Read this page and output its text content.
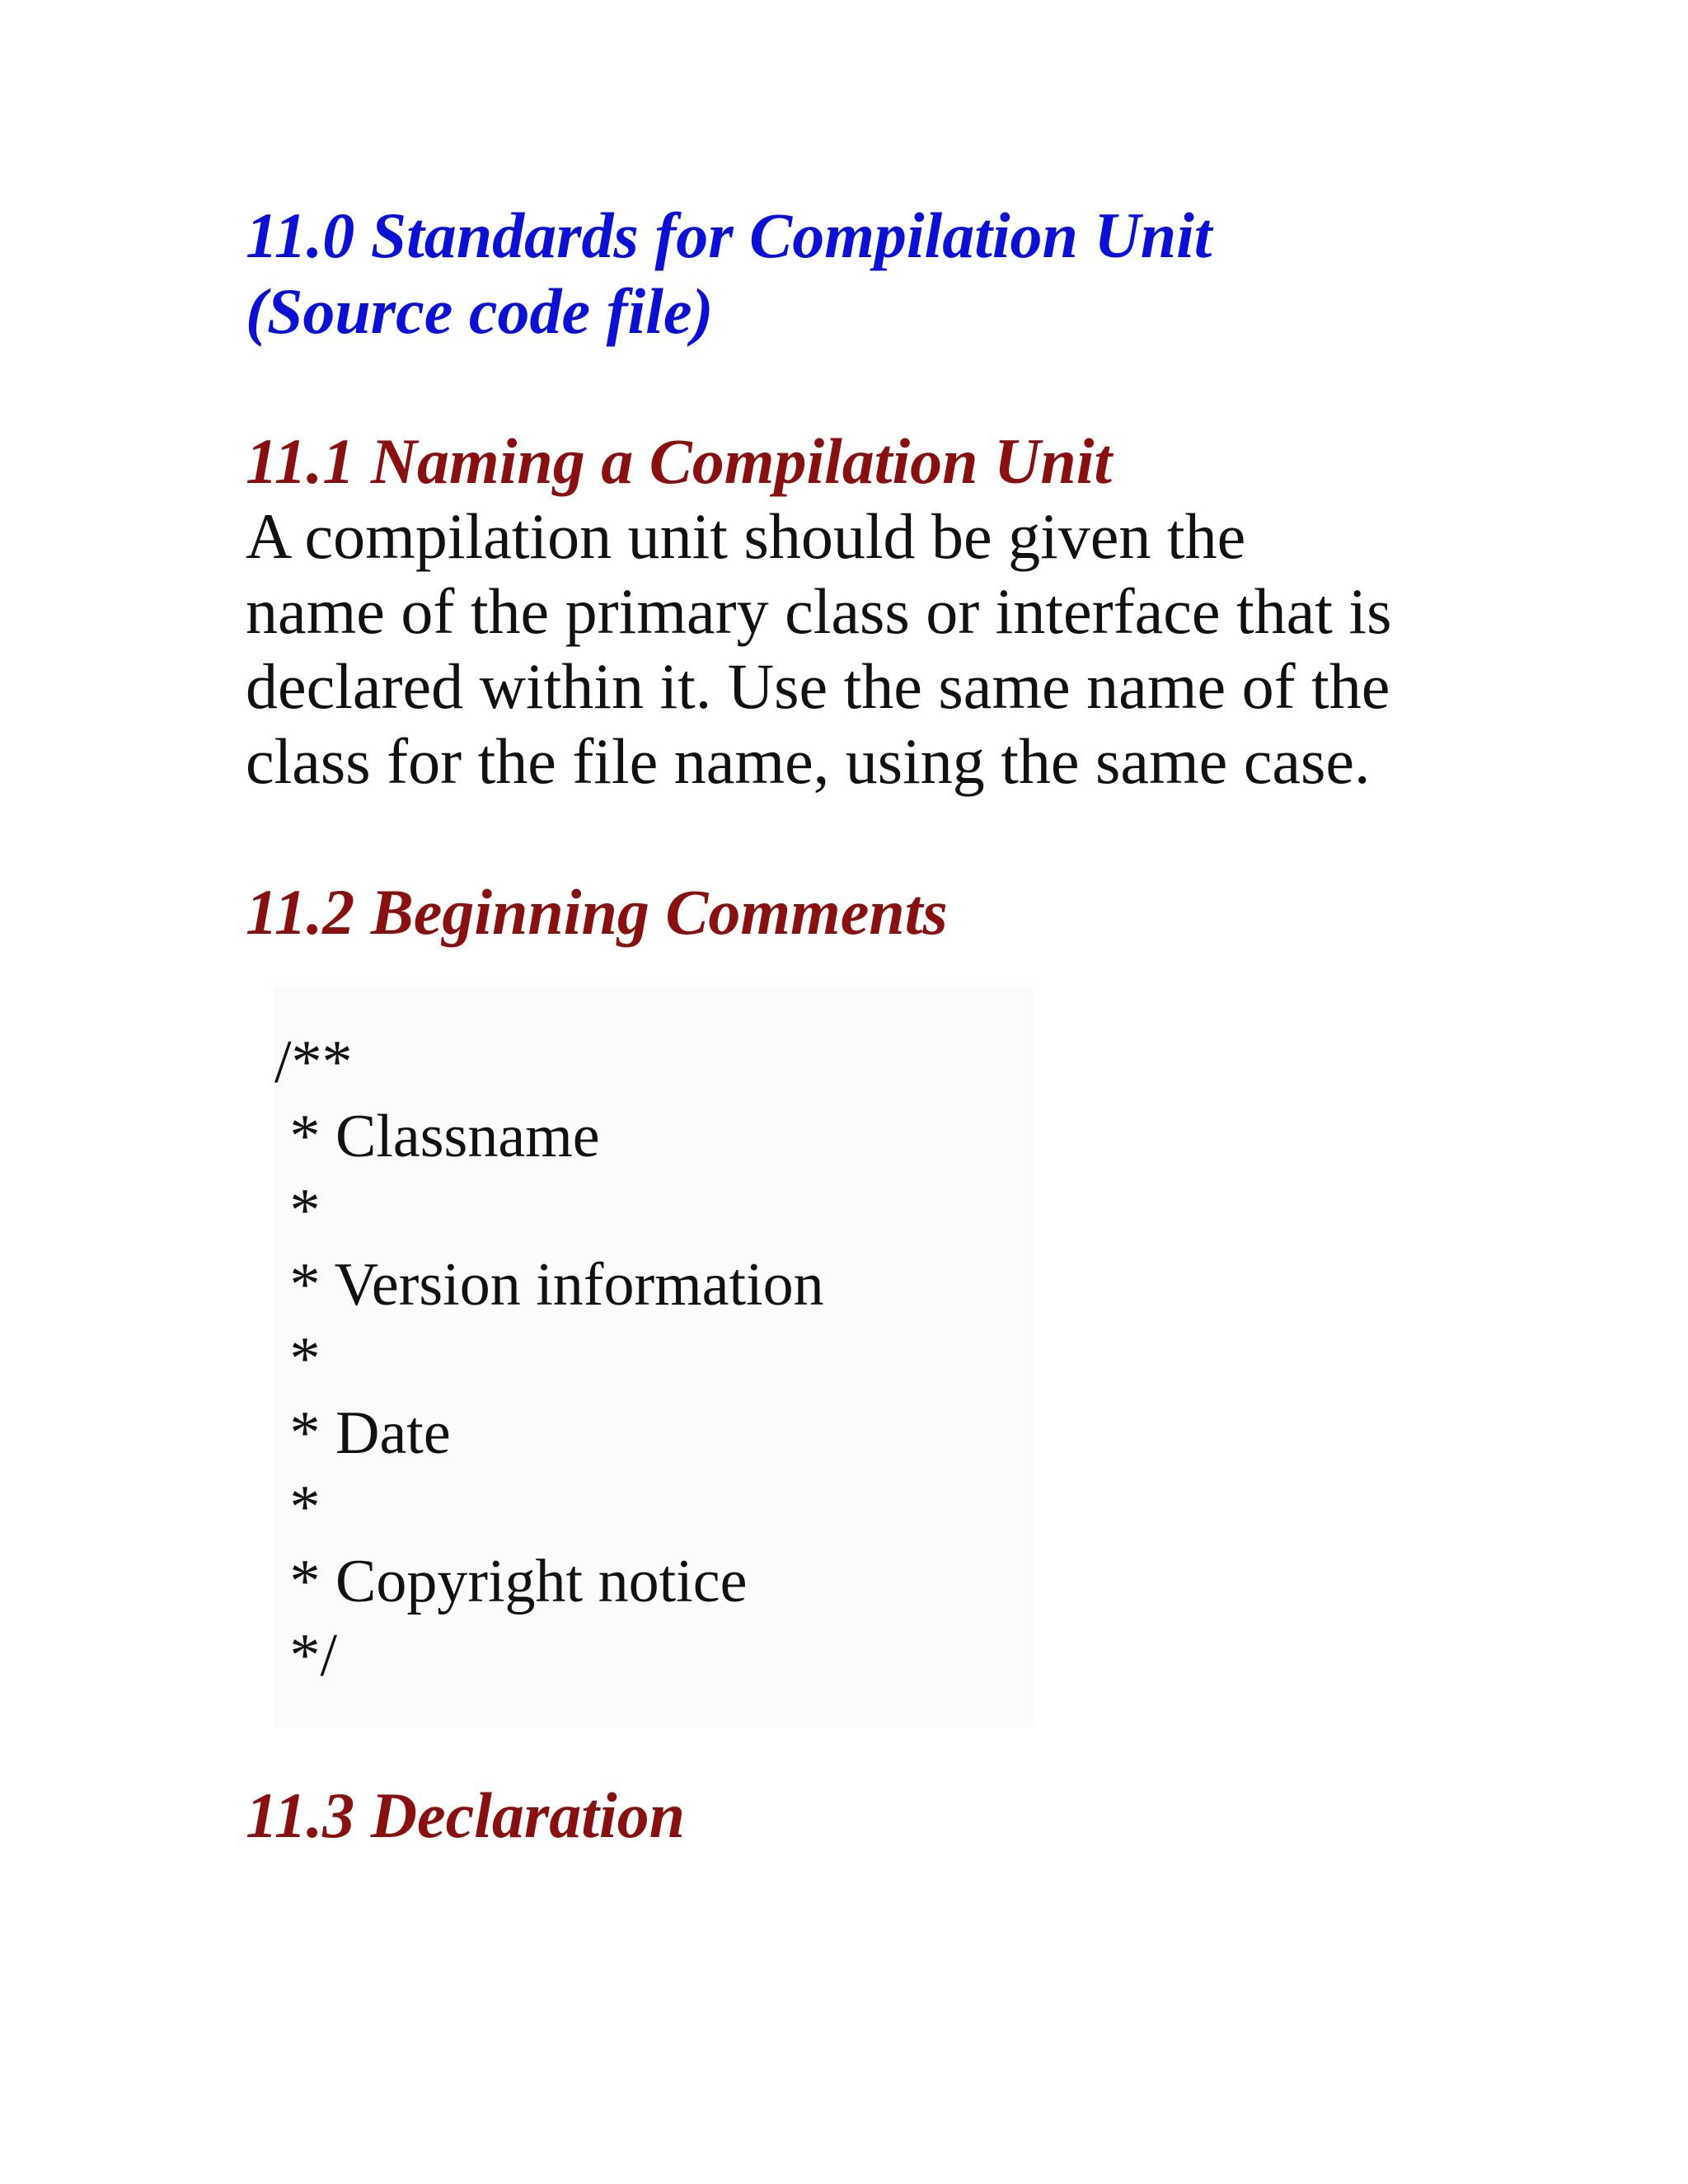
11.0 Standards for Compilation Unit
(Source code file)
11.1 Naming a Compilation Unit

A compilation unit should be given the
name of the primary class or interface that is
declared within it. Use the same name of the
class for the file name, using the same case.

11.2 Beginning Comments
/**
* Classname
*
* Version information
*
* Date
*
* Copyright notice
*/
11.3 Declaration
